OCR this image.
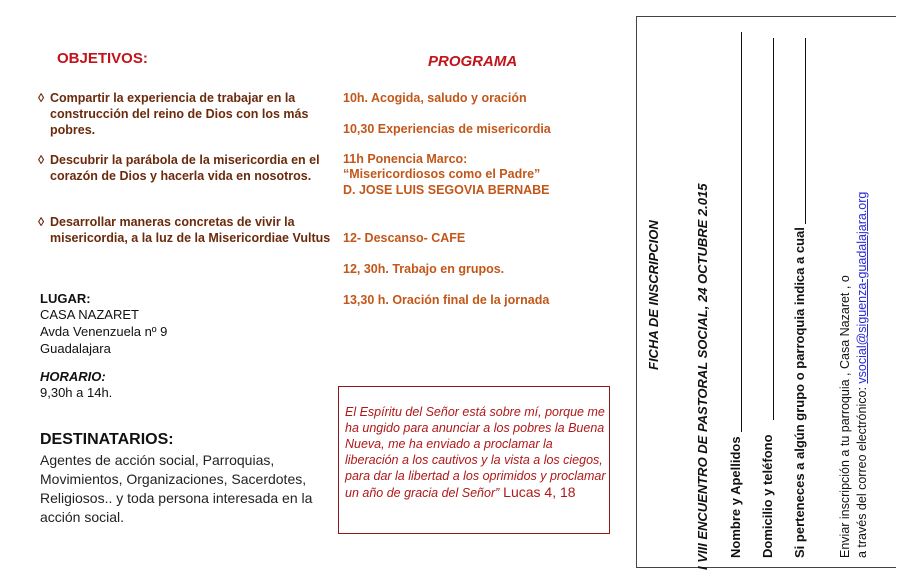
OBJETIVOS:
◊ Compartir la experiencia de trabajar en la construcción del reino de Dios con los más pobres.
◊ Descubrir la parábola de la misericordia en el corazón de Dios y hacerla vida en nosotros.
◊ Desarrollar maneras concretas de vivir la misericordia, a la luz de la Misericordiae Vultus
LUGAR:
CASA NAZARET
Avda Venenzuela nº 9
Guadalajara
HORARIO:
9,30h a 14h.
DESTINATARIOS:
Agentes de acción social, Parroquias, Movimientos, Organizaciones, Sacerdotes, Religiosos.. y toda persona interesada en la acción social.
PROGRAMA
10h. Acogida, saludo y oración
10,30 Experiencias de misericordia
11h Ponencia Marco:
“Misericordiosos como el Padre”
D. JOSE LUIS SEGOVIA BERNABE
12- Descanso- CAFE
12, 30h. Trabajo en grupos.
13,30 h. Oración final de la jornada
El Espíritu del Señor está sobre mí, porque me ha ungido para anunciar a los pobres la Buena Nueva, me ha enviado a proclamar la liberación a los cautivos y la vista a los ciegos, para dar la libertad a los oprimidos y proclamar un año de gracia del Señor” Lucas 4, 18
FICHA DE INSCRIPCION	I VIII ENCUENTRO DE PASTORAL SOCIAL, 24 OCTUBRE 2.015 Nombre y Apellidos Domicilio y teléfono Si perteneces a algún grupo o parroquia indica a cual Enviar inscripción a tu parroquia , Casa Nazaret , o a través del correo electrónico: vsocial@siguenza-guadalajara.org
